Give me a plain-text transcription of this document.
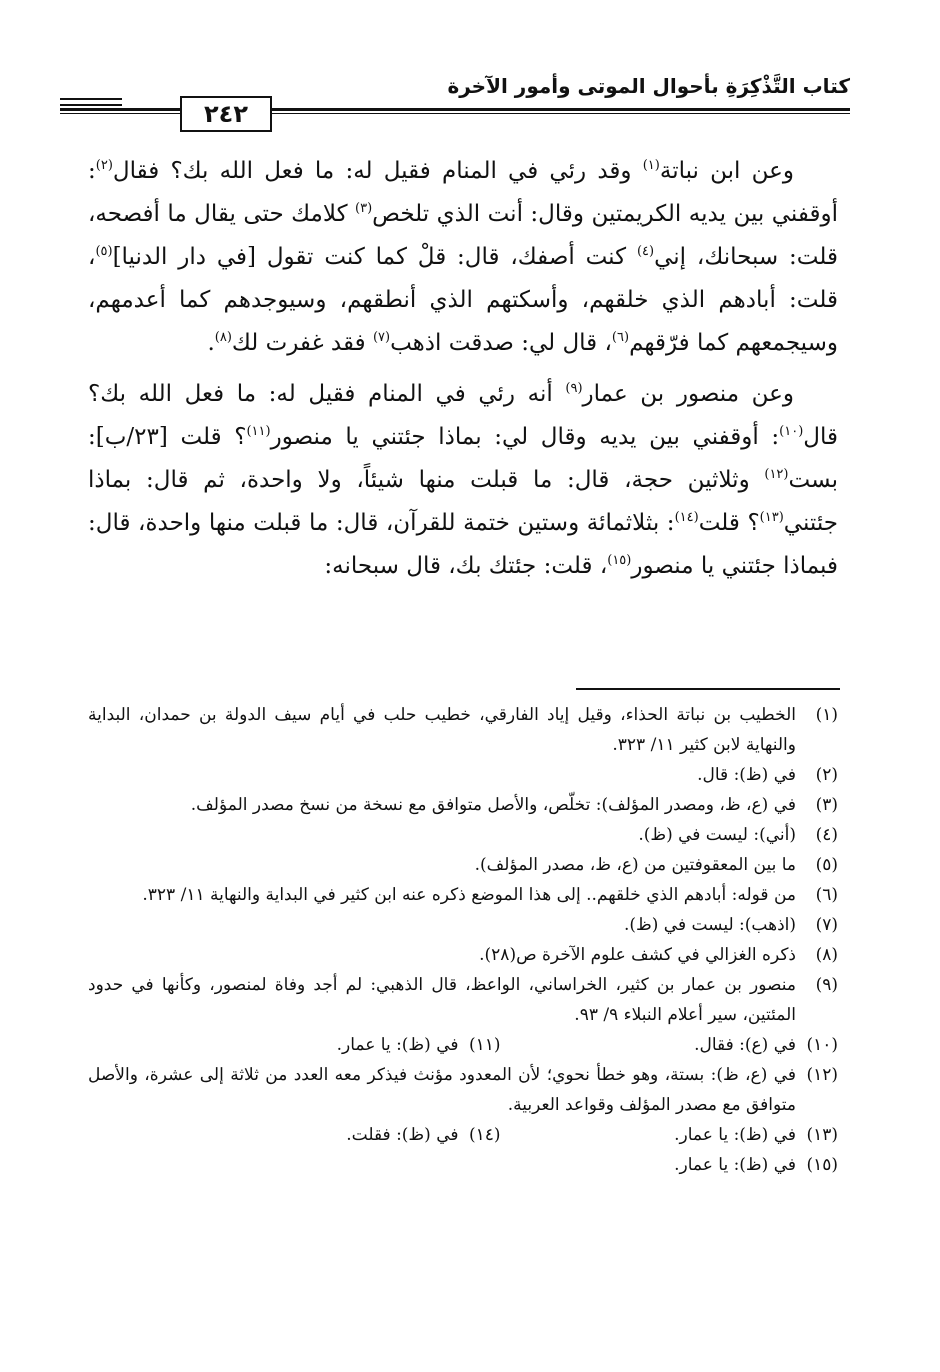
كتاب التَّذْكِرَةِ بأحوال الموتى وأمور الآخرة
٢٤٢

وعن ابن نباتة$^{(١)}$ وقد رئي في المنام فقيل له: ما فعل الله بك؟ فقال$^{(٢)}$: أوقفني بين يديه الكريمتين وقال: أنت الذي تلخص$^{(٣)}$ كلامك حتى يقال ما أفصحه، قلت: سبحانك، إني$^{(٤)}$ كنت أصفك، قال: قلْ كما كنت تقول [في دار الدنيا]$^{(٥)}$، قلت: أبادهم الذي خلقهم، وأسكتهم الذي أنطقهم، وسيوجدهم كما أعدمهم، وسيجمعهم كما فرّقهم$^{(٦)}$، قال لي: صدقت اذهب$^{(٧)}$ فقد غفرت لك$^{(٨)}$.

وعن منصور بن عمار$^{(٩)}$ أنه رئي في المنام فقيل له: ما فعل الله بك؟ قال$^{(١٠)}$: أوقفني بين يديه وقال لي: بماذا جئتني يا منصور$^{(١١)}$؟ قلت [٢٣/ب]: بست$^{(١٢)}$ وثلاثين حجة، قال: ما قبلت منها شيئاً، ولا واحدة، ثم قال: بماذا جئتني$^{(١٣)}$؟ قلت$^{(١٤)}$: بثلاثمائة وستين ختمة للقرآن، قال: ما قبلت منها واحدة، قال: فبماذا جئتني يا منصور$^{(١٥)}$، قلت: جئتك بك، قال سبحانه:

(١)
الخطيب بن نباتة الحذاء، وقيل إياد الفارقي، خطيب حلب في أيام سيف الدولة بن حمدان، البداية والنهاية لابن كثير ١١/ ٣٢٣.
(٢)
في (ظ): قال.
(٣)
في (ع، ظ، ومصدر المؤلف): تخلّص، والأصل متوافق مع نسخة من نسخ مصدر المؤلف.
(٤)
(أني): ليست في (ظ).
(٥)
ما بين المعقوفتين من (ع، ظ، مصدر المؤلف).
(٦)
من قوله: أبادهم الذي خلقهم.. إلى هذا الموضع ذكره عنه ابن كثير في البداية والنهاية ١١/ ٣٢٣.
(٧)
(اذهب): ليست في (ظ).
(٨)
ذكره الغزالي في كشف علوم الآخرة ص(٢٨).
(٩)
منصور بن عمار بن كثير، الخراساني، الواعظ، قال الذهبي: لم أجد وفاة لمنصور، وكأنها في حدود المئتين، سير أعلام النبلاء ٩/ ٩٣.
(١٠)
في (ع): فقال.
(١١)
في (ظ): يا عمار.
(١٢)
في (ع، ظ): بستة، وهو خطأ نحوي؛ لأن المعدود مؤنث فيذكر معه العدد من ثلاثة إلى عشرة، والأصل متوافق مع مصدر المؤلف وقواعد العربية.
(١٣)
في (ظ): يا عمار.
(١٤)
في (ظ): فقلت.
(١٥)
في (ظ): يا عمار.
